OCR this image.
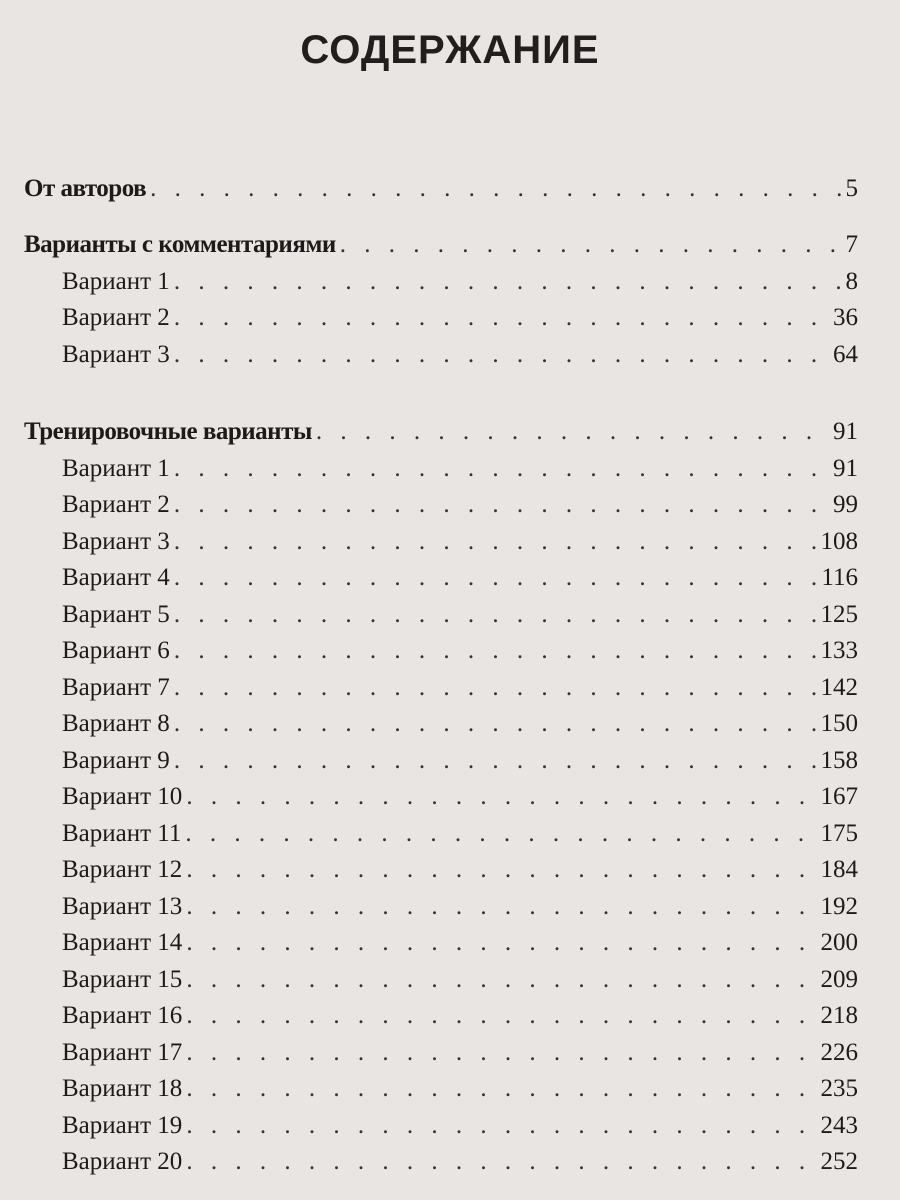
СОДЕРЖАНИЕ
От авторов . . .	5
Варианты с комментариями . . .	7
Вариант 1 . . .	8
Вариант 2 . . .	36
Вариант 3 . . .	64
Тренировочные варианты . . .	91
Вариант 1 . . .	91
Вариант 2 . . .	99
Вариант 3 . . .	108
Вариант 4 . . .	116
Вариант 5 . . .	125
Вариант 6 . . .	133
Вариант 7 . . .	142
Вариант 8 . . .	150
Вариант 9 . . .	158
Вариант 10 . . .	167
Вариант 11 . . .	175
Вариант 12 . . .	184
Вариант 13 . . .	192
Вариант 14 . . .	200
Вариант 15 . . .	209
Вариант 16 . . .	218
Вариант 17 . . .	226
Вариант 18 . . .	235
Вариант 19 . . .	243
Вариант 20 . . .	252
